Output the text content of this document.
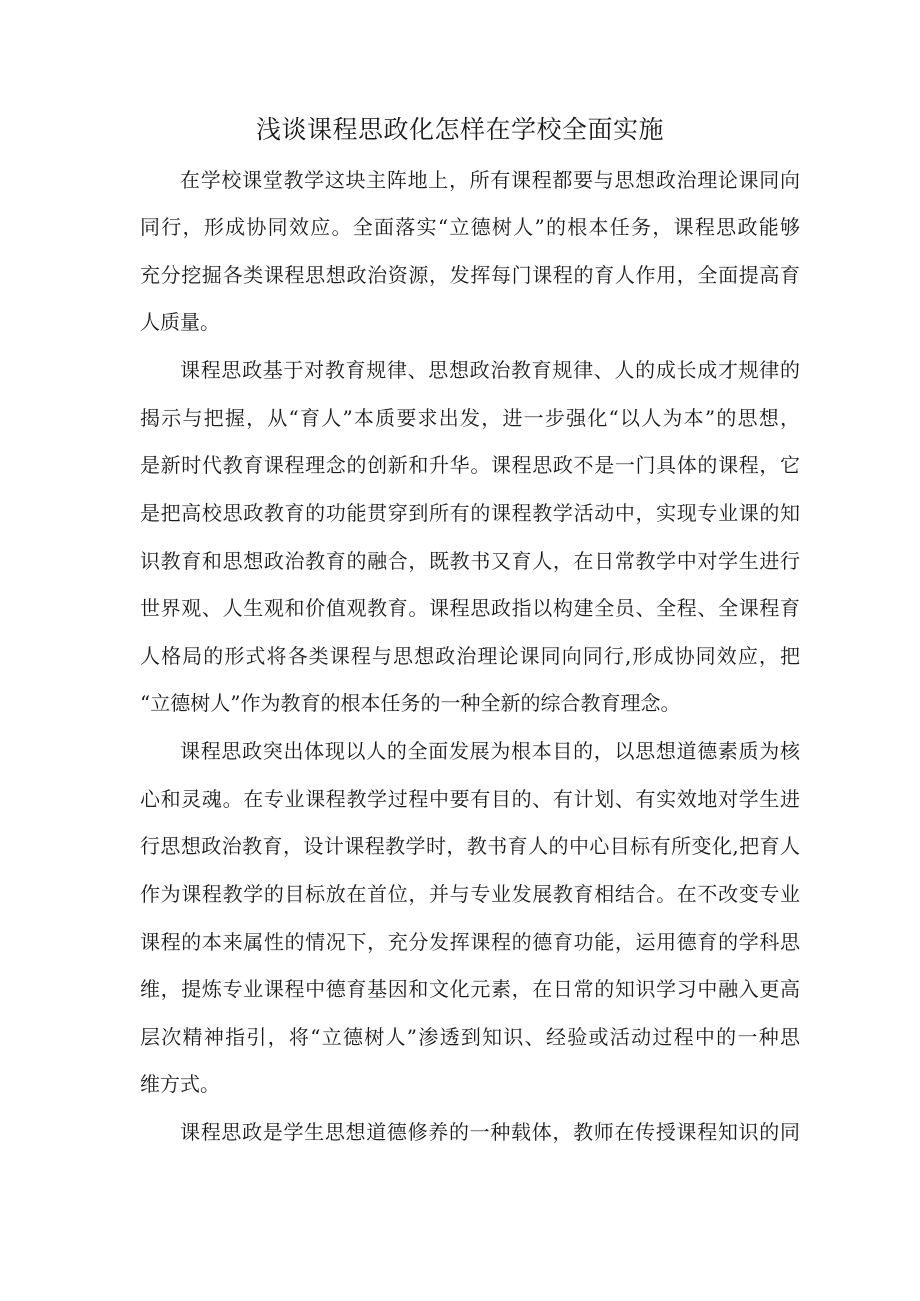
浅谈课程思政化怎样在学校全面实施

在学校课堂教学这块主阵地上，所有课程都要与思想政治理论课同向

同行，形成协同效应。全面落实“立德树人”的根本任务，课程思政能够

充分挖掘各类课程思想政治资源，发挥每门课程的育人作用，全面提高育

人质量。

课程思政基于对教育规律、思想政治教育规律、人的成长成才规律的

揭示与把握，从“育人”本质要求出发，进一步强化“以人为本”的思想，

是新时代教育课程理念的创新和升华。课程思政不是一门具体的课程，它

是把高校思政教育的功能贯穿到所有的课程教学活动中，实现专业课的知

识教育和思想政治教育的融合，既教书又育人，在日常教学中对学生进行

世界观、人生观和价值观教育。课程思政指以构建全员、全程、全课程育

人格局的形式将各类课程与思想政治理论课同向同行,形成协同效应，把

“立德树人”作为教育的根本任务的一种全新的综合教育理念。

课程思政突出体现以人的全面发展为根本目的，以思想道德素质为核

心和灵魂。在专业课程教学过程中要有目的、有计划、有实效地对学生进

行思想政治教育，设计课程教学时，教书育人的中心目标有所变化,把育人

作为课程教学的目标放在首位，并与专业发展教育相结合。在不改变专业

课程的本来属性的情况下，充分发挥课程的德育功能，运用德育的学科思

维，提炼专业课程中德育基因和文化元素，在日常的知识学习中融入更高

层次精神指引，将“立德树人”渗透到知识、经验或活动过程中的一种思

维方式。

课程思政是学生思想道德修养的一种载体，教师在传授课程知识的同
